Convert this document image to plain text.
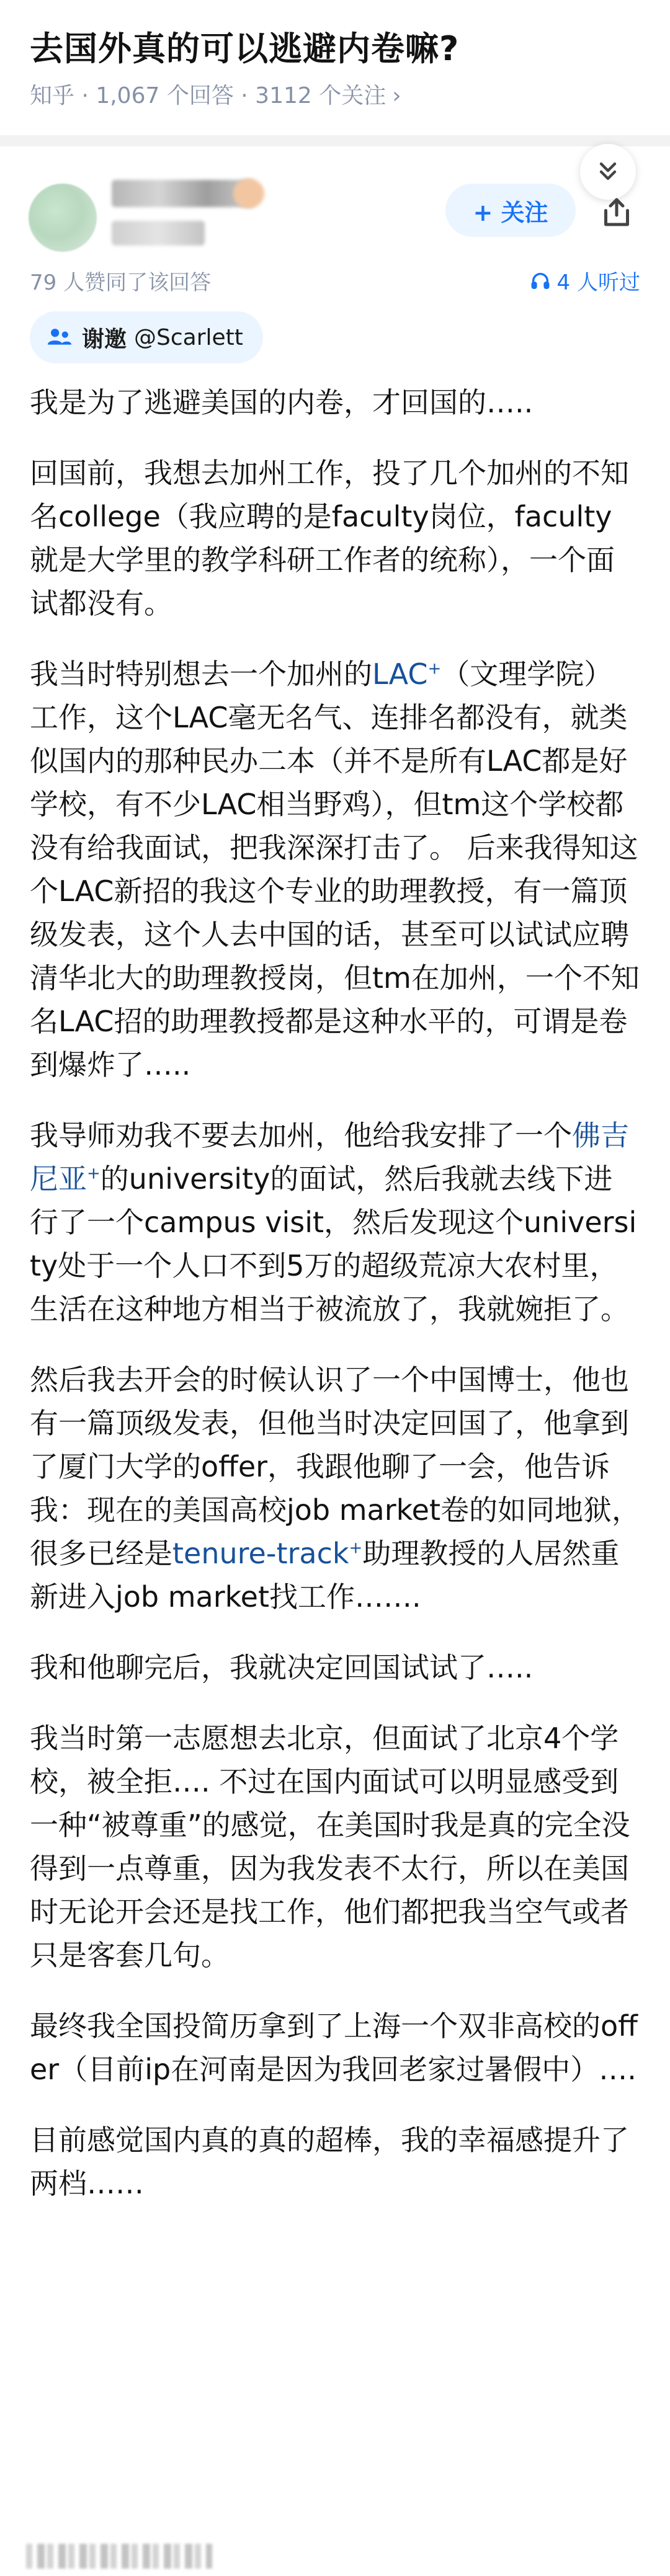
去国外真的可以逃避内卷嘛?
知乎 · 1,067 个回答 · 3112 个关注 ›
+ 关注
79 人赞同了该回答	4 人听过
谢邀 @Scarlett

我是为了逃避美国的内卷，才回国的…..

回国前，我想去加州工作，投了几个加州的不知名college（我应聘的是faculty岗位，faculty就是大学里的教学科研工作者的统称），一个面试都没有。

我当时特别想去一个加州的LAC+（文理学院）工作，这个LAC毫无名气、连排名都没有，就类似国内的那种民办二本（并不是所有LAC都是好学校，有不少LAC相当野鸡），但tm这个学校都没有给我面试，把我深深打击了。 后来我得知这个LAC新招的我这个专业的助理教授，有一篇顶级发表，这个人去中国的话，甚至可以试试应聘清华北大的助理教授岗，但tm在加州，一个不知名LAC招的助理教授都是这种水平的，可谓是卷到爆炸了…..

我导师劝我不要去加州，他给我安排了一个佛吉尼亚+的university的面试，然后我就去线下进行了一个campus visit，然后发现这个university处于一个人口不到5万的超级荒凉大农村里，生活在这种地方相当于被流放了，我就婉拒了。

然后我去开会的时候认识了一个中国博士，他也有一篇顶级发表，但他当时决定回国了，他拿到了厦门大学的offer，我跟他聊了一会，他告诉我：现在的美国高校job market卷的如同地狱，很多已经是tenure-track+助理教授的人居然重新进入job market找工作…….

我和他聊完后，我就决定回国试试了…..

我当时第一志愿想去北京，但面试了北京4个学校，被全拒…. 不过在国内面试可以明显感受到一种“被尊重”的感觉，在美国时我是真的完全没得到一点尊重，因为我发表不太行，所以在美国时无论开会还是找工作，他们都把我当空气或者只是客套几句。

最终我全国投简历拿到了上海一个双非高校的offer（目前ip在河南是因为我回老家过暑假中）….

目前感觉国内真的真的超棒，我的幸福感提升了两档……
